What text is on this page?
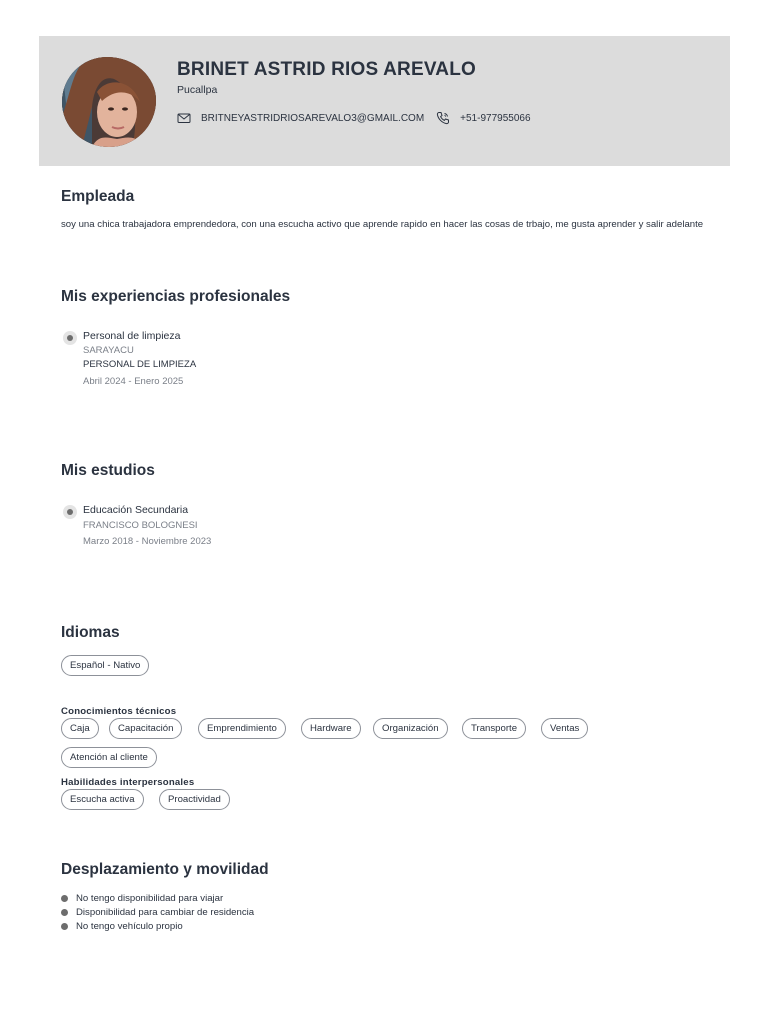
BRINET ASTRID RIOS AREVALO
Pucallpa
BRITNEYASTRIDRIOSAREVALO3@GMAIL.COM	+51-977955066
Empleada
soy una chica trabajadora emprendedora, con una escucha activo que aprende rapido en hacer las cosas de trbajo, me gusta aprender y salir adelante
Mis experiencias profesionales
Personal de limpieza
SARAYACU
PERSONAL DE LIMPIEZA
Abril 2024 - Enero 2025
Mis estudios
Educación Secundaria
FRANCISCO BOLOGNESI
Marzo 2018 - Noviembre 2023
Idiomas
Español - Nativo
Conocimientos técnicos
Caja	Capacitación	Emprendimiento	Hardware	Organización	Transporte	Ventas
Atención al cliente
Habilidades interpersonales
Escucha activa	Proactividad
Desplazamiento y movilidad
No tengo disponibilidad para viajar
Disponibilidad para cambiar de residencia
No tengo vehículo propio
